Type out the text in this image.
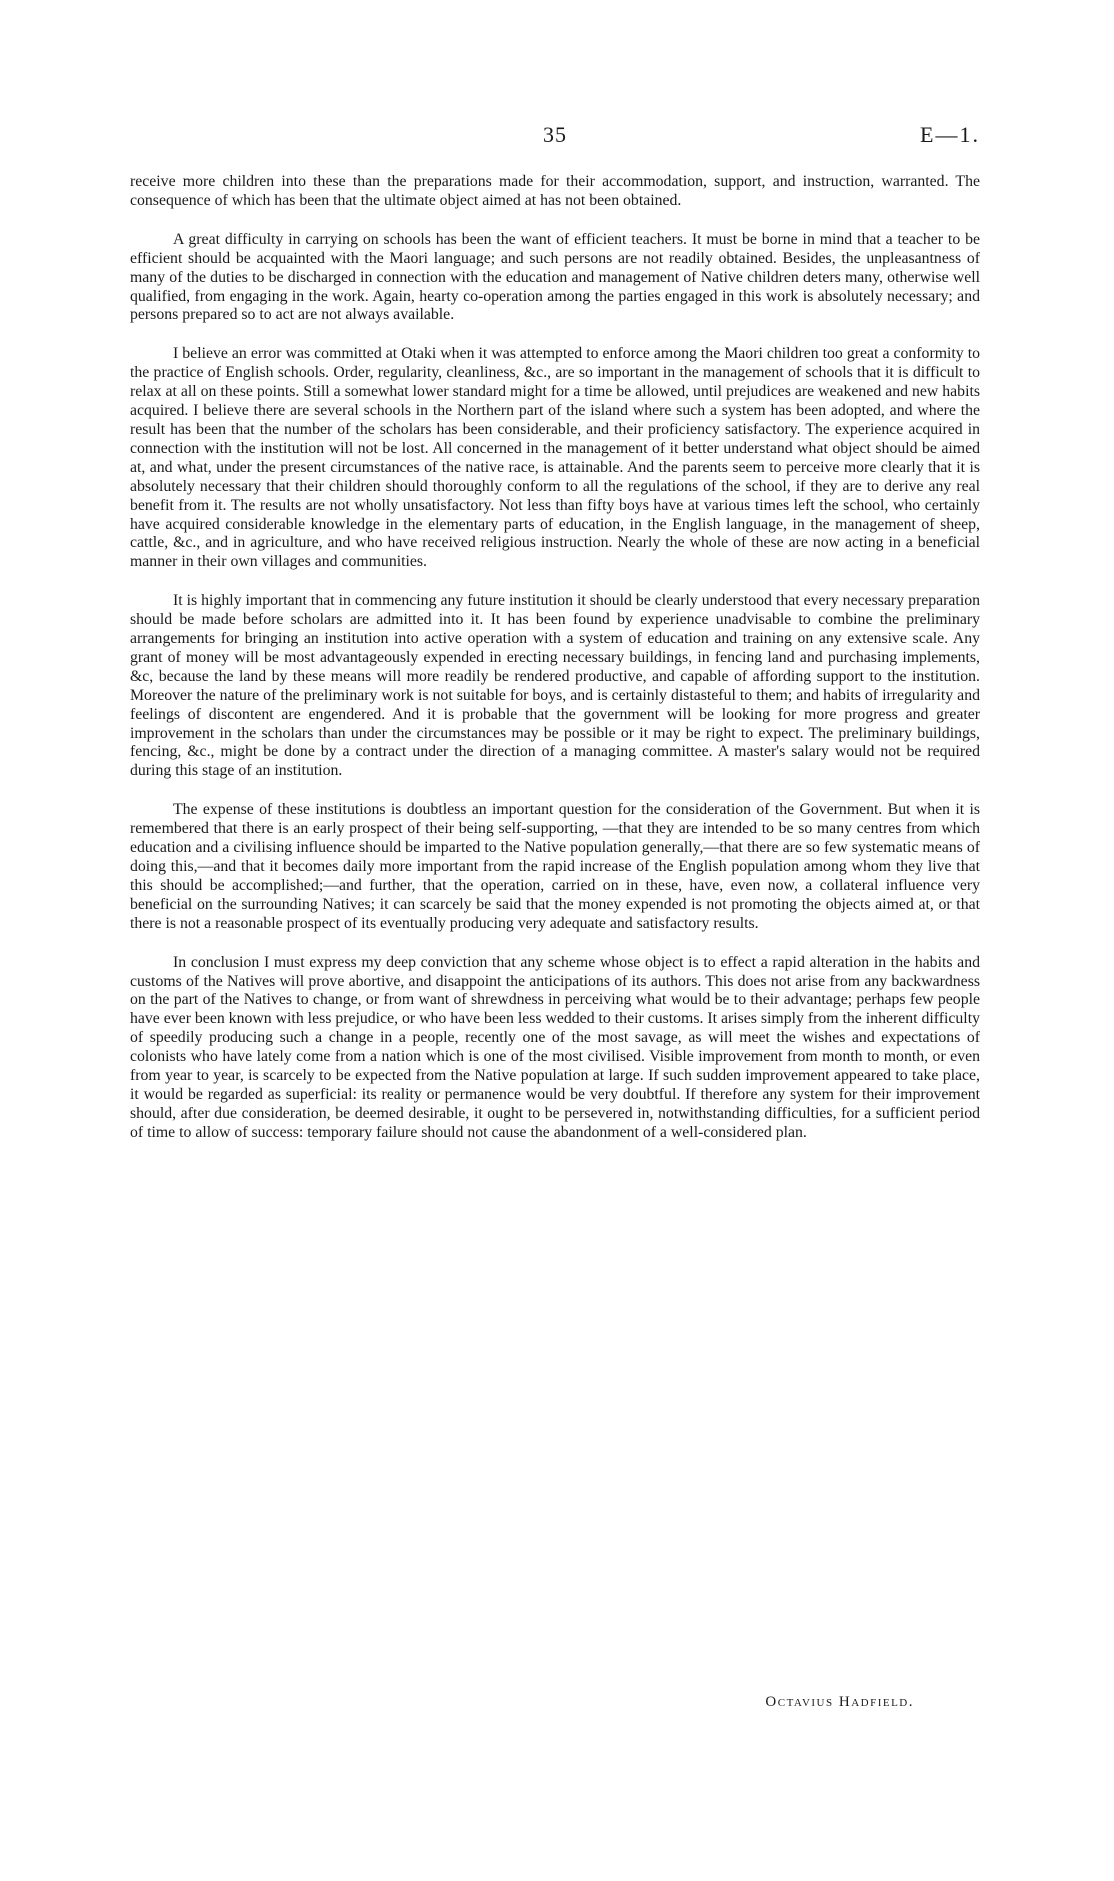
35	E—1.

receive more children into these than the preparations made for their accommodation, support, and instruction, warranted. The consequence of which has been that the ultimate object aimed at has not been obtained.

A great difficulty in carrying on schools has been the want of efficient teachers. It must be borne in mind that a teacher to be efficient should be acquainted with the Maori language; and such persons are not readily obtained. Besides, the unpleasantness of many of the duties to be discharged in connection with the education and management of Native children deters many, otherwise well qualified, from engaging in the work. Again, hearty co-operation among the parties engaged in this work is absolutely necessary; and persons prepared so to act are not always available.

I believe an error was committed at Otaki when it was attempted to enforce among the Maori children too great a conformity to the practice of English schools. Order, regularity, cleanliness, &c., are so important in the management of schools that it is difficult to relax at all on these points. Still a somewhat lower standard might for a time be allowed, until prejudices are weakened and new habits acquired. I believe there are several schools in the Northern part of the island where such a system has been adopted, and where the result has been that the number of the scholars has been considerable, and their proficiency satisfactory. The experience acquired in connection with the institution will not be lost. All concerned in the management of it better understand what object should be aimed at, and what, under the present circumstances of the native race, is attainable. And the parents seem to perceive more clearly that it is absolutely necessary that their children should thoroughly conform to all the regulations of the school, if they are to derive any real benefit from it. The results are not wholly unsatisfactory. Not less than fifty boys have at various times left the school, who certainly have acquired considerable knowledge in the elementary parts of education, in the English language, in the management of sheep, cattle, &c., and in agriculture, and who have received religious instruction. Nearly the whole of these are now acting in a beneficial manner in their own villages and communities.

It is highly important that in commencing any future institution it should be clearly understood that every necessary preparation should be made before scholars are admitted into it. It has been found by experience unadvisable to combine the preliminary arrangements for bringing an institution into active operation with a system of education and training on any extensive scale. Any grant of money will be most advantageously expended in erecting necessary buildings, in fencing land and purchasing implements, &c, because the land by these means will more readily be rendered productive, and capable of affording support to the institution. Moreover the nature of the preliminary work is not suitable for boys, and is certainly distasteful to them; and habits of irregularity and feelings of discontent are engendered. And it is probable that the government will be looking for more progress and greater improvement in the scholars than under the circumstances may be possible or it may be right to expect. The preliminary buildings, fencing, &c., might be done by a contract under the direction of a managing committee. A master's salary would not be required during this stage of an institution.

The expense of these institutions is doubtless an important question for the consideration of the Government. But when it is remembered that there is an early prospect of their being self-supporting, —that they are intended to be so many centres from which education and a civilising influence should be imparted to the Native population generally,—that there are so few systematic means of doing this,—and that it becomes daily more important from the rapid increase of the English population among whom they live that this should be accomplished;—and further, that the operation, carried on in these, have, even now, a collateral influence very beneficial on the surrounding Natives; it can scarcely be said that the money expended is not promoting the objects aimed at, or that there is not a reasonable prospect of its eventually producing very adequate and satisfactory results.

In conclusion I must express my deep conviction that any scheme whose object is to effect a rapid alteration in the habits and customs of the Natives will prove abortive, and disappoint the anticipations of its authors. This does not arise from any backwardness on the part of the Natives to change, or from want of shrewdness in perceiving what would be to their advantage; perhaps few people have ever been known with less prejudice, or who have been less wedded to their customs. It arises simply from the inherent difficulty of speedily producing such a change in a people, recently one of the most savage, as will meet the wishes and expectations of colonists who have lately come from a nation which is one of the most civilised. Visible improvement from month to month, or even from year to year, is scarcely to be expected from the Native population at large. If such sudden improvement appeared to take place, it would be regarded as superficial: its reality or permanence would be very doubtful. If therefore any system for their improvement should, after due consideration, be deemed desirable, it ought to be persevered in, notwithstanding difficulties, for a sufficient period of time to allow of success: temporary failure should not cause the abandonment of a well-considered plan.

Octavius Hadfield.
